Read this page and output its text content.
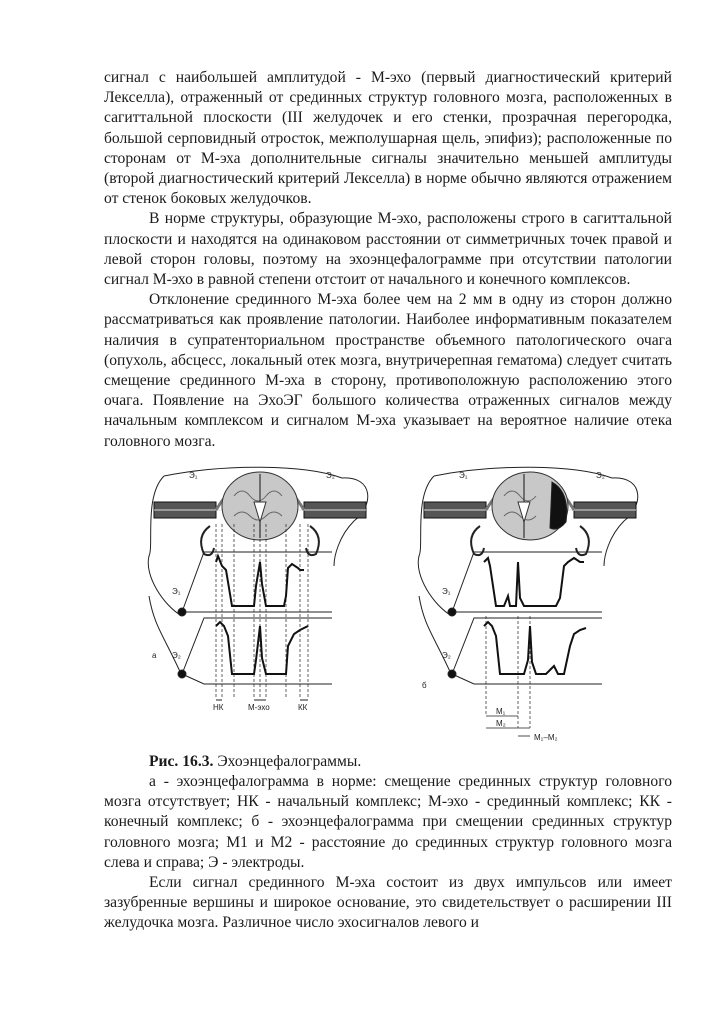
сигнал с наибольшей амплитудой - М-эхо (первый диагностический критерий Лекселла), отраженный от срединных структур головного мозга, расположенных в сагиттальной плоскости (III желудочек и его стенки, прозрачная перегородка, большой серповидный отросток, межполушарная щель, эпифиз); расположенные по сторонам от М-эха дополнительные сигналы значительно меньшей амплитуды (второй диагностический критерий Лекселла) в норме обычно являются отражением от стенок боковых желудочков.

В норме структуры, образующие М-эхо, расположены строго в сагиттальной плоскости и находятся на одинаковом расстоянии от симметричных точек правой и левой сторон головы, поэтому на эхоэнцефалограмме при отсутствии патологии сигнал М-эхо в равной степени отстоит от начального и конечного комплексов.

Отклонение срединного М-эха более чем на 2 мм в одну из сторон должно рассматриваться как проявление патологии. Наиболее информативным показателем наличия в супратенториальном пространстве объемного патологического очага (опухоль, абсцесс, локальный отек мозга, внутричерепная гематома) следует считать смещение срединного М-эха в сторону, противоположную расположению этого очага. Появление на ЭхоЭГ большого количества отраженных сигналов между начальным комплексом и сигналом М-эха указывает на вероятное наличие отека головного мозга.

Э₁	Э₂
Э₁
Э₂
а
НК	М-эхо	КК
Э₁	Э₂
Э₁
Э₂
б
М₁
М₂
М₁–М₂

Рис. 16.3. Эхоэнцефалограммы.

а - эхоэнцефалограмма в норме: смещение срединных структур головного мозга отсутствует; НК - начальный комплекс; М-эхо - срединный комплекс; КК - конечный комплекс; б - эхоэнцефалограмма при смещении срединных структур головного мозга; М1 и М2 - расстояние до срединных структур головного мозга слева и справа; Э - электроды.

Если сигнал срединного М-эха состоит из двух импульсов или имеет зазубренные вершины и широкое основание, это свидетельствует о расширении III желудочка мозга. Различное число эхосигналов левого и
